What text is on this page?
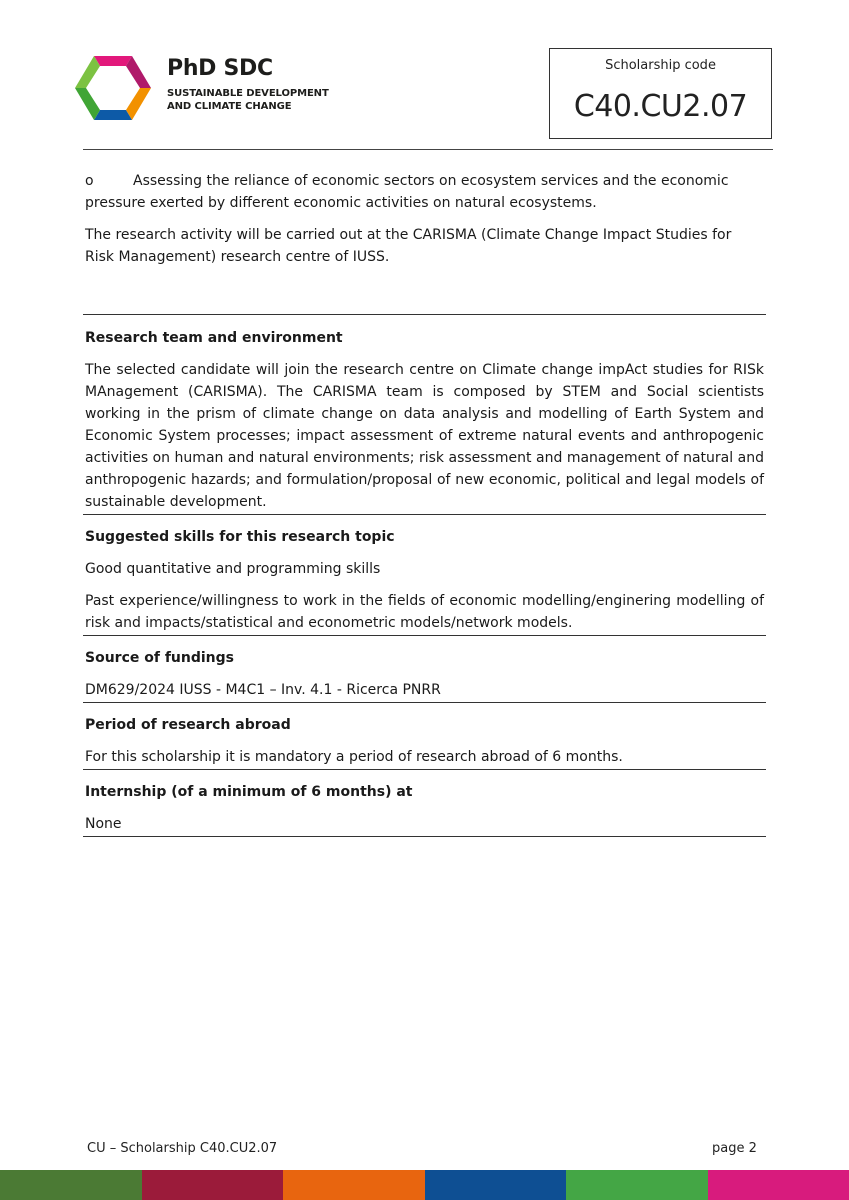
PhD SDC
SUSTAINABLE DEVELOPMENT
AND CLIMATE CHANGE
Scholarship code
C40.CU2.07

o	Assessing the reliance of economic sectors on ecosystem services and the economic pressure exerted by different economic activities on natural ecosystems.

The research activity will be carried out at the CARISMA (Climate Change Impact Studies for Risk Management) research centre of IUSS.

Research team and environment

The selected candidate will join the research centre on Climate change impAct studies for RISk MAnagement (CARISMA). The CARISMA team is composed by STEM and Social scientists working in the prism of climate change on data analysis and modelling of Earth System and Economic System processes; impact assessment of extreme natural events and anthropogenic activities on human and natural environments; risk assessment and management of natural and anthropogenic hazards; and formulation/proposal of new economic, political and legal models of sustainable development.

Suggested skills for this research topic

Good quantitative and programming skills

Past experience/willingness to work in the fields of economic modelling/enginering modelling of risk and impacts/statistical and econometric models/network models.

Source of fundings

DM629/2024 IUSS - M4C1 – Inv. 4.1 - Ricerca PNRR

Period of research abroad

For this scholarship it is mandatory a period of research abroad of 6 months.

Internship (of a minimum of 6 months) at

None

CU – Scholarship C40.CU2.07	page 2
